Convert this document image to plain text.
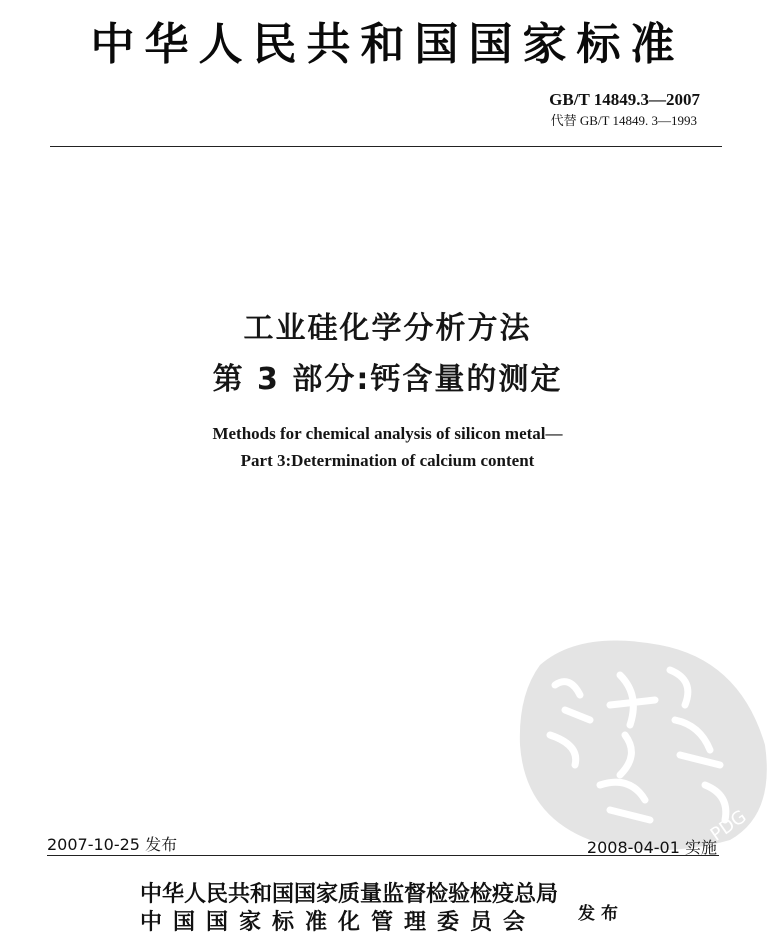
中华人民共和国国家标准
GB/T 14849.3—2007
代替 GB/T 14849. 3—1993
工业硅化学分析方法
第 3 部分:钙含量的测定
Methods for chemical analysis of silicon metal—
Part 3:Determination of calcium content
PDG
2007-10-25 发布	2008-04-01 实施
中华人民共和国国家质量监督检验检疫总局
中国国家标准化管理委员会	发布
